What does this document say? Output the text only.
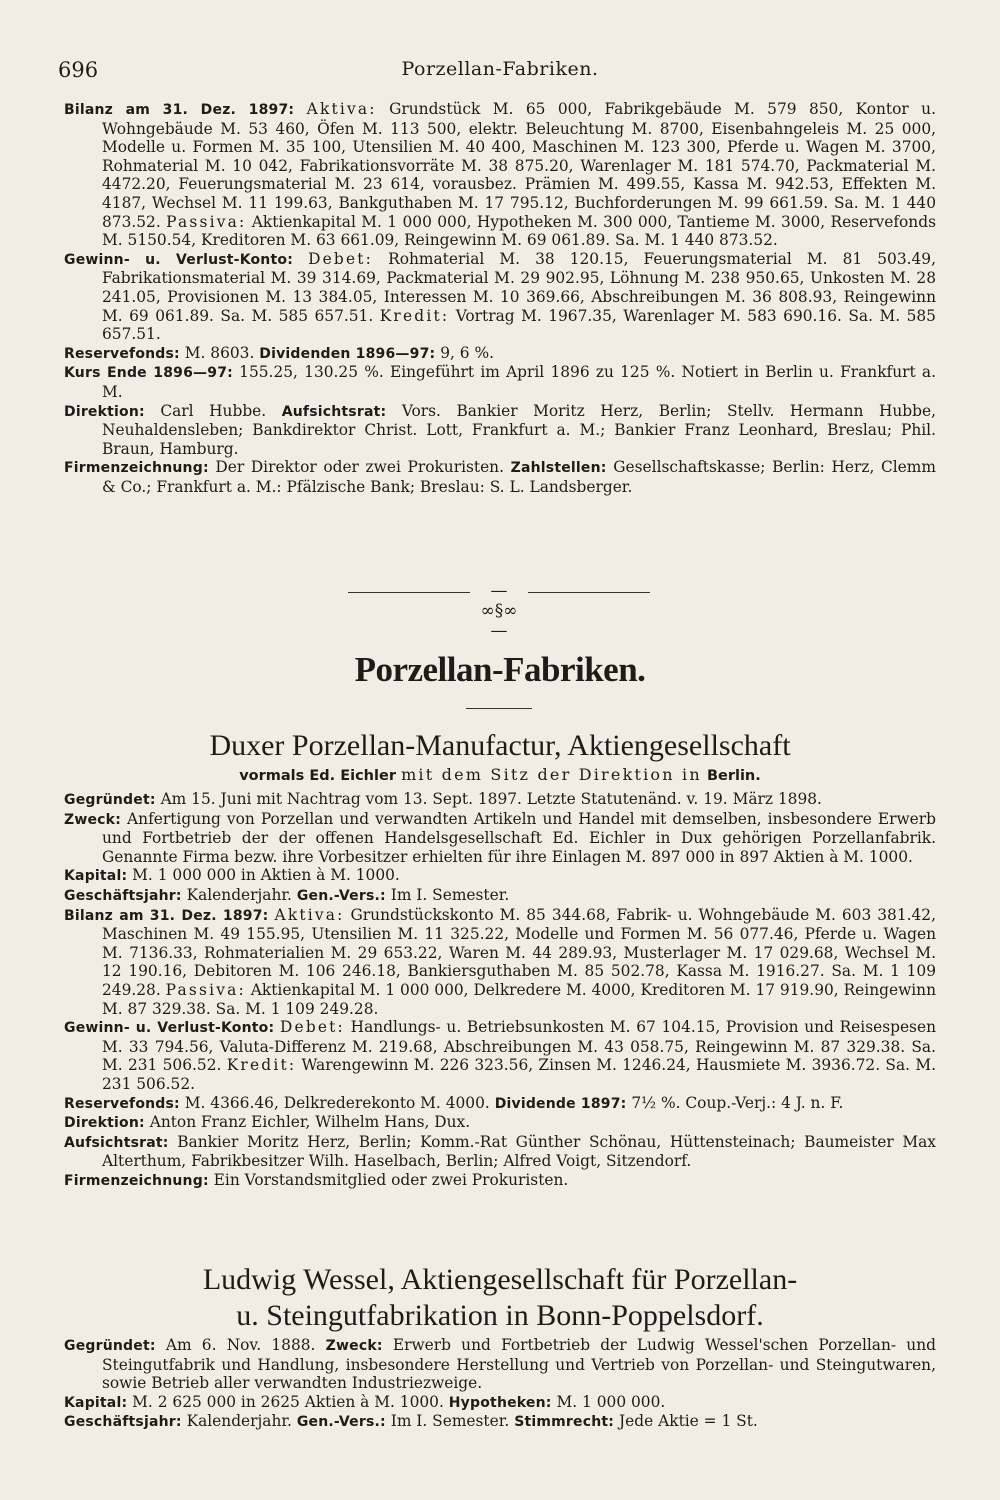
696	Porzellan-Fabriken.

Bilanz am 31. Dez. 1897: Aktiva: Grundstück M. 65 000, Fabrikgebäude M. 579 850, Kontor u. Wohngebäude M. 53 460, Öfen M. 113 500, elektr. Beleuchtung M. 8700, Eisenbahngeleis M. 25 000, Modelle u. Formen M. 35 100, Utensilien M. 40 400, Maschinen M. 123 300, Pferde u. Wagen M. 3700, Rohmaterial M. 10 042, Fabrikationsvorräte M. 38 875.20, Warenlager M. 181 574.70, Packmaterial M. 4472.20, Feuerungsmaterial M. 23 614, vorausbez. Prämien M. 499.55, Kassa M. 942.53, Effekten M. 4187, Wechsel M. 11 199.63, Bankguthaben M. 17 795.12, Buchforderungen M. 99 661.59. Sa. M. 1 440 873.52. Passiva: Aktienkapital M. 1 000 000, Hypotheken M. 300 000, Tantieme M. 3000, Reservefonds M. 5150.54, Kreditoren M. 63 661.09, Reingewinn M. 69 061.89. Sa. M. 1 440 873.52.

Gewinn- u. Verlust-Konto: Debet: Rohmaterial M. 38 120.15, Feuerungsmaterial M. 81 503.49, Fabrikationsmaterial M. 39 314.69, Packmaterial M. 29 902.95, Löhnung M. 238 950.65, Unkosten M. 28 241.05, Provisionen M. 13 384.05, Interessen M. 10 369.66, Abschreibungen M. 36 808.93, Reingewinn M. 69 061.89. Sa. M. 585 657.51. Kredit: Vortrag M. 1967.35, Warenlager M. 583 690.16. Sa. M. 585 657.51.

Reservefonds: M. 8603. Dividenden 1896—97: 9, 6 %.

Kurs Ende 1896—97: 155.25, 130.25 %. Eingeführt im April 1896 zu 125 %. Notiert in Berlin u. Frankfurt a. M.

Direktion: Carl Hubbe. Aufsichtsrat: Vors. Bankier Moritz Herz, Berlin; Stellv. Hermann Hubbe, Neuhaldensleben; Bankdirektor Christ. Lott, Frankfurt a. M.; Bankier Franz Leonhard, Breslau; Phil. Braun, Hamburg.

Firmenzeichnung: Der Direktor oder zwei Prokuristen. Zahlstellen: Gesellschaftskasse; Berlin: Herz, Clemm & Co.; Frankfurt a. M.: Pfälzische Bank; Breslau: S. L. Landsberger.

—∞§∞—
Porzellan-Fabriken.
Duxer Porzellan-Manufactur, Aktiengesellschaft
vormals Ed. Eichler mit dem Sitz der Direktion in Berlin.

Gegründet: Am 15. Juni mit Nachtrag vom 13. Sept. 1897. Letzte Statutenänd. v. 19. März 1898.

Zweck: Anfertigung von Porzellan und verwandten Artikeln und Handel mit demselben, insbesondere Erwerb und Fortbetrieb der der offenen Handelsgesellschaft Ed. Eichler in Dux gehörigen Porzellanfabrik. Genannte Firma bezw. ihre Vorbesitzer erhielten für ihre Einlagen M. 897 000 in 897 Aktien à M. 1000.

Kapital: M. 1 000 000 in Aktien à M. 1000.

Geschäftsjahr: Kalenderjahr. Gen.-Vers.: Im I. Semester.

Bilanz am 31. Dez. 1897: Aktiva: Grundstückskonto M. 85 344.68, Fabrik- u. Wohngebäude M. 603 381.42, Maschinen M. 49 155.95, Utensilien M. 11 325.22, Modelle und Formen M. 56 077.46, Pferde u. Wagen M. 7136.33, Rohmaterialien M. 29 653.22, Waren M. 44 289.93, Musterlager M. 17 029.68, Wechsel M. 12 190.16, Debitoren M. 106 246.18, Bankiersguthaben M. 85 502.78, Kassa M. 1916.27. Sa. M. 1 109 249.28. Passiva: Aktienkapital M. 1 000 000, Delkredere M. 4000, Kreditoren M. 17 919.90, Reingewinn M. 87 329.38. Sa. M. 1 109 249.28.

Gewinn- u. Verlust-Konto: Debet: Handlungs- u. Betriebsunkosten M. 67 104.15, Provision und Reisespesen M. 33 794.56, Valuta-Differenz M. 219.68, Abschreibungen M. 43 058.75, Reingewinn M. 87 329.38. Sa. M. 231 506.52. Kredit: Warengewinn M. 226 323.56, Zinsen M. 1246.24, Hausmiete M. 3936.72. Sa. M. 231 506.52.

Reservefonds: M. 4366.46, Delkrederekonto M. 4000. Dividende 1897: 7½ %. Coup.-Verj.: 4 J. n. F.

Direktion: Anton Franz Eichler, Wilhelm Hans, Dux.

Aufsichtsrat: Bankier Moritz Herz, Berlin; Komm.-Rat Günther Schönau, Hüttensteinach; Baumeister Max Alterthum, Fabrikbesitzer Wilh. Haselbach, Berlin; Alfred Voigt, Sitzendorf.

Firmenzeichnung: Ein Vorstandsmitglied oder zwei Prokuristen.

Ludwig Wessel, Aktiengesellschaft für Porzellan-
u. Steingutfabrikation in Bonn-Poppelsdorf.

Gegründet: Am 6. Nov. 1888. Zweck: Erwerb und Fortbetrieb der Ludwig Wessel'schen Porzellan- und Steingutfabrik und Handlung, insbesondere Herstellung und Vertrieb von Porzellan- und Steingutwaren, sowie Betrieb aller verwandten Industriezweige.

Kapital: M. 2 625 000 in 2625 Aktien à M. 1000. Hypotheken: M. 1 000 000.

Geschäftsjahr: Kalenderjahr. Gen.-Vers.: Im I. Semester. Stimmrecht: Jede Aktie = 1 St.
